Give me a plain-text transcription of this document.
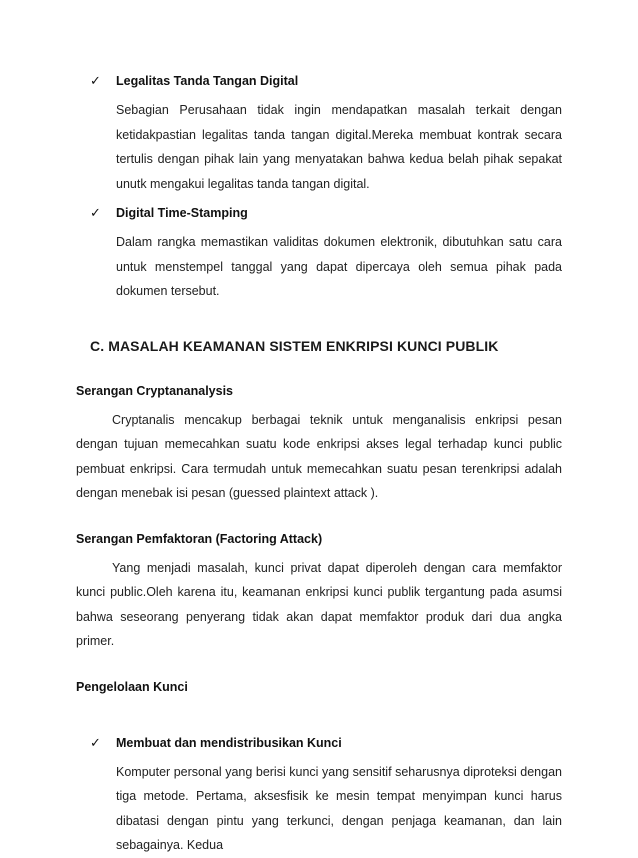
✓	Legalitas Tanda Tangan Digital
Sebagian Perusahaan tidak ingin mendapatkan masalah terkait dengan ketidakpastian legalitas tanda tangan digital.Mereka membuat kontrak secara tertulis dengan pihak lain yang menyatakan bahwa kedua belah pihak sepakat unutk mengakui legalitas tanda tangan digital.
✓	Digital Time-Stamping
Dalam rangka memastikan validitas dokumen elektronik, dibutuhkan satu cara untuk menstempel tanggal yang dapat dipercaya oleh semua pihak pada dokumen tersebut.
C. MASALAH KEAMANAN SISTEM ENKRIPSI KUNCI PUBLIK
Serangan Cryptananalysis
Cryptanalis mencakup berbagai teknik untuk menganalisis enkripsi pesan dengan tujuan memecahkan suatu kode enkripsi akses legal terhadap kunci public pembuat enkripsi. Cara termudah untuk memecahkan suatu pesan terenkripsi adalah dengan menebak isi pesan (guessed plaintext attack ).
Serangan Pemfaktoran (Factoring Attack)
Yang menjadi masalah, kunci privat dapat diperoleh dengan cara memfaktor kunci public.Oleh karena itu, keamanan enkripsi kunci publik tergantung pada asumsi bahwa seseorang penyerang tidak akan dapat memfaktor produk dari dua angka primer.
Pengelolaan Kunci
✓	Membuat dan mendistribusikan Kunci
Komputer personal yang berisi kunci yang sensitif seharusnya diproteksi dengan tiga metode. Pertama, aksesfisik ke mesin tempat menyimpan kunci harus dibatasi dengan pintu yang terkunci, dengan penjaga keamanan, dan lain sebagainya. Kedua
